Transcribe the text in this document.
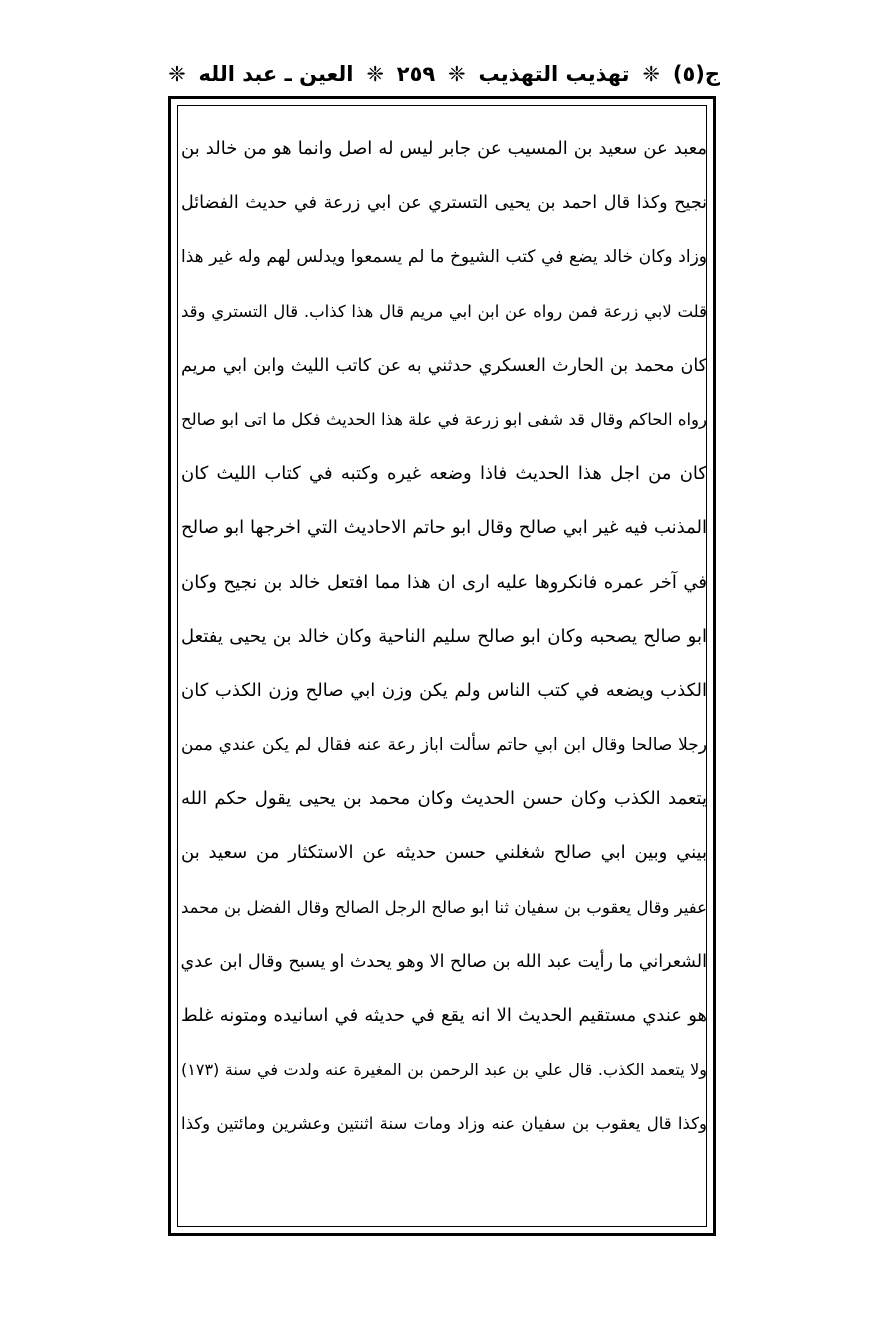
ج(٥)
❈
تهذيب التهذيب
❈
٢٥٩
❈
العين ـ عبد الله
❈
معبد عن سعيد بن المسيب عن جابر ليس له اصل وانما هو من خالد بن
نجيح وكذا قال احمد بن يحيى التستري عن ابي زرعة في حديث الفضائل
وزاد وكان خالد يضع في كتب الشيوخ ما لم يسمعوا ويدلس لهم وله غير هذا
قلت لابي زرعة فمن رواه عن ابن ابي مريم قال هذا كذاب. قال التستري وقد
كان محمد بن الحارث العسكري حدثني به عن كاتب الليث وابن ابي مريم
رواه الحاكم وقال قد شفى ابو زرعة في علة هذا الحديث فكل ما اتى ابو صالح
كان من اجل هذا الحديث فاذا وضعه غيره وكتبه في كتاب الليث كان
المذنب فيه غير ابي صالح وقال ابو حاتم الاحاديث التي اخرجها ابو صالح
في آخر عمره فانكروها عليه ارى ان هذا مما افتعل خالد بن نجيح وكان
ابو صالح يصحبه وكان ابو صالح سليم الناحية وكان خالد بن يحيى يفتعل
الكذب ويضعه في كتب الناس ولم يكن وزن ابي صالح وزن الكذب كان
رجلا صالحا وقال ابن ابي حاتم سألت اباز رعة عنه فقال لم يكن عندي ممن
يتعمد الكذب وكان حسن الحديث وكان محمد بن يحيى يقول حكم الله
بيني وبين ابي صالح شغلني حسن حديثه عن الاستكثار من سعيد بن
عفير وقال يعقوب بن سفيان ثنا ابو صالح الرجل الصالح وقال الفضل بن محمد
الشعراني ما رأيت عبد الله بن صالح الا وهو يحدث او يسبح وقال ابن عدي
هو عندي مستقيم الحديث الا انه يقع في حديثه في اسانيده ومتونه غلط
ولا يتعمد الكذب. قال علي بن عبد الرحمن بن المغيرة عنه ولدت في سنة (١٧٣)
وكذا قال يعقوب بن سفيان عنه وزاد ومات سنة اثنتين وعشرين ومائتين وكذا
